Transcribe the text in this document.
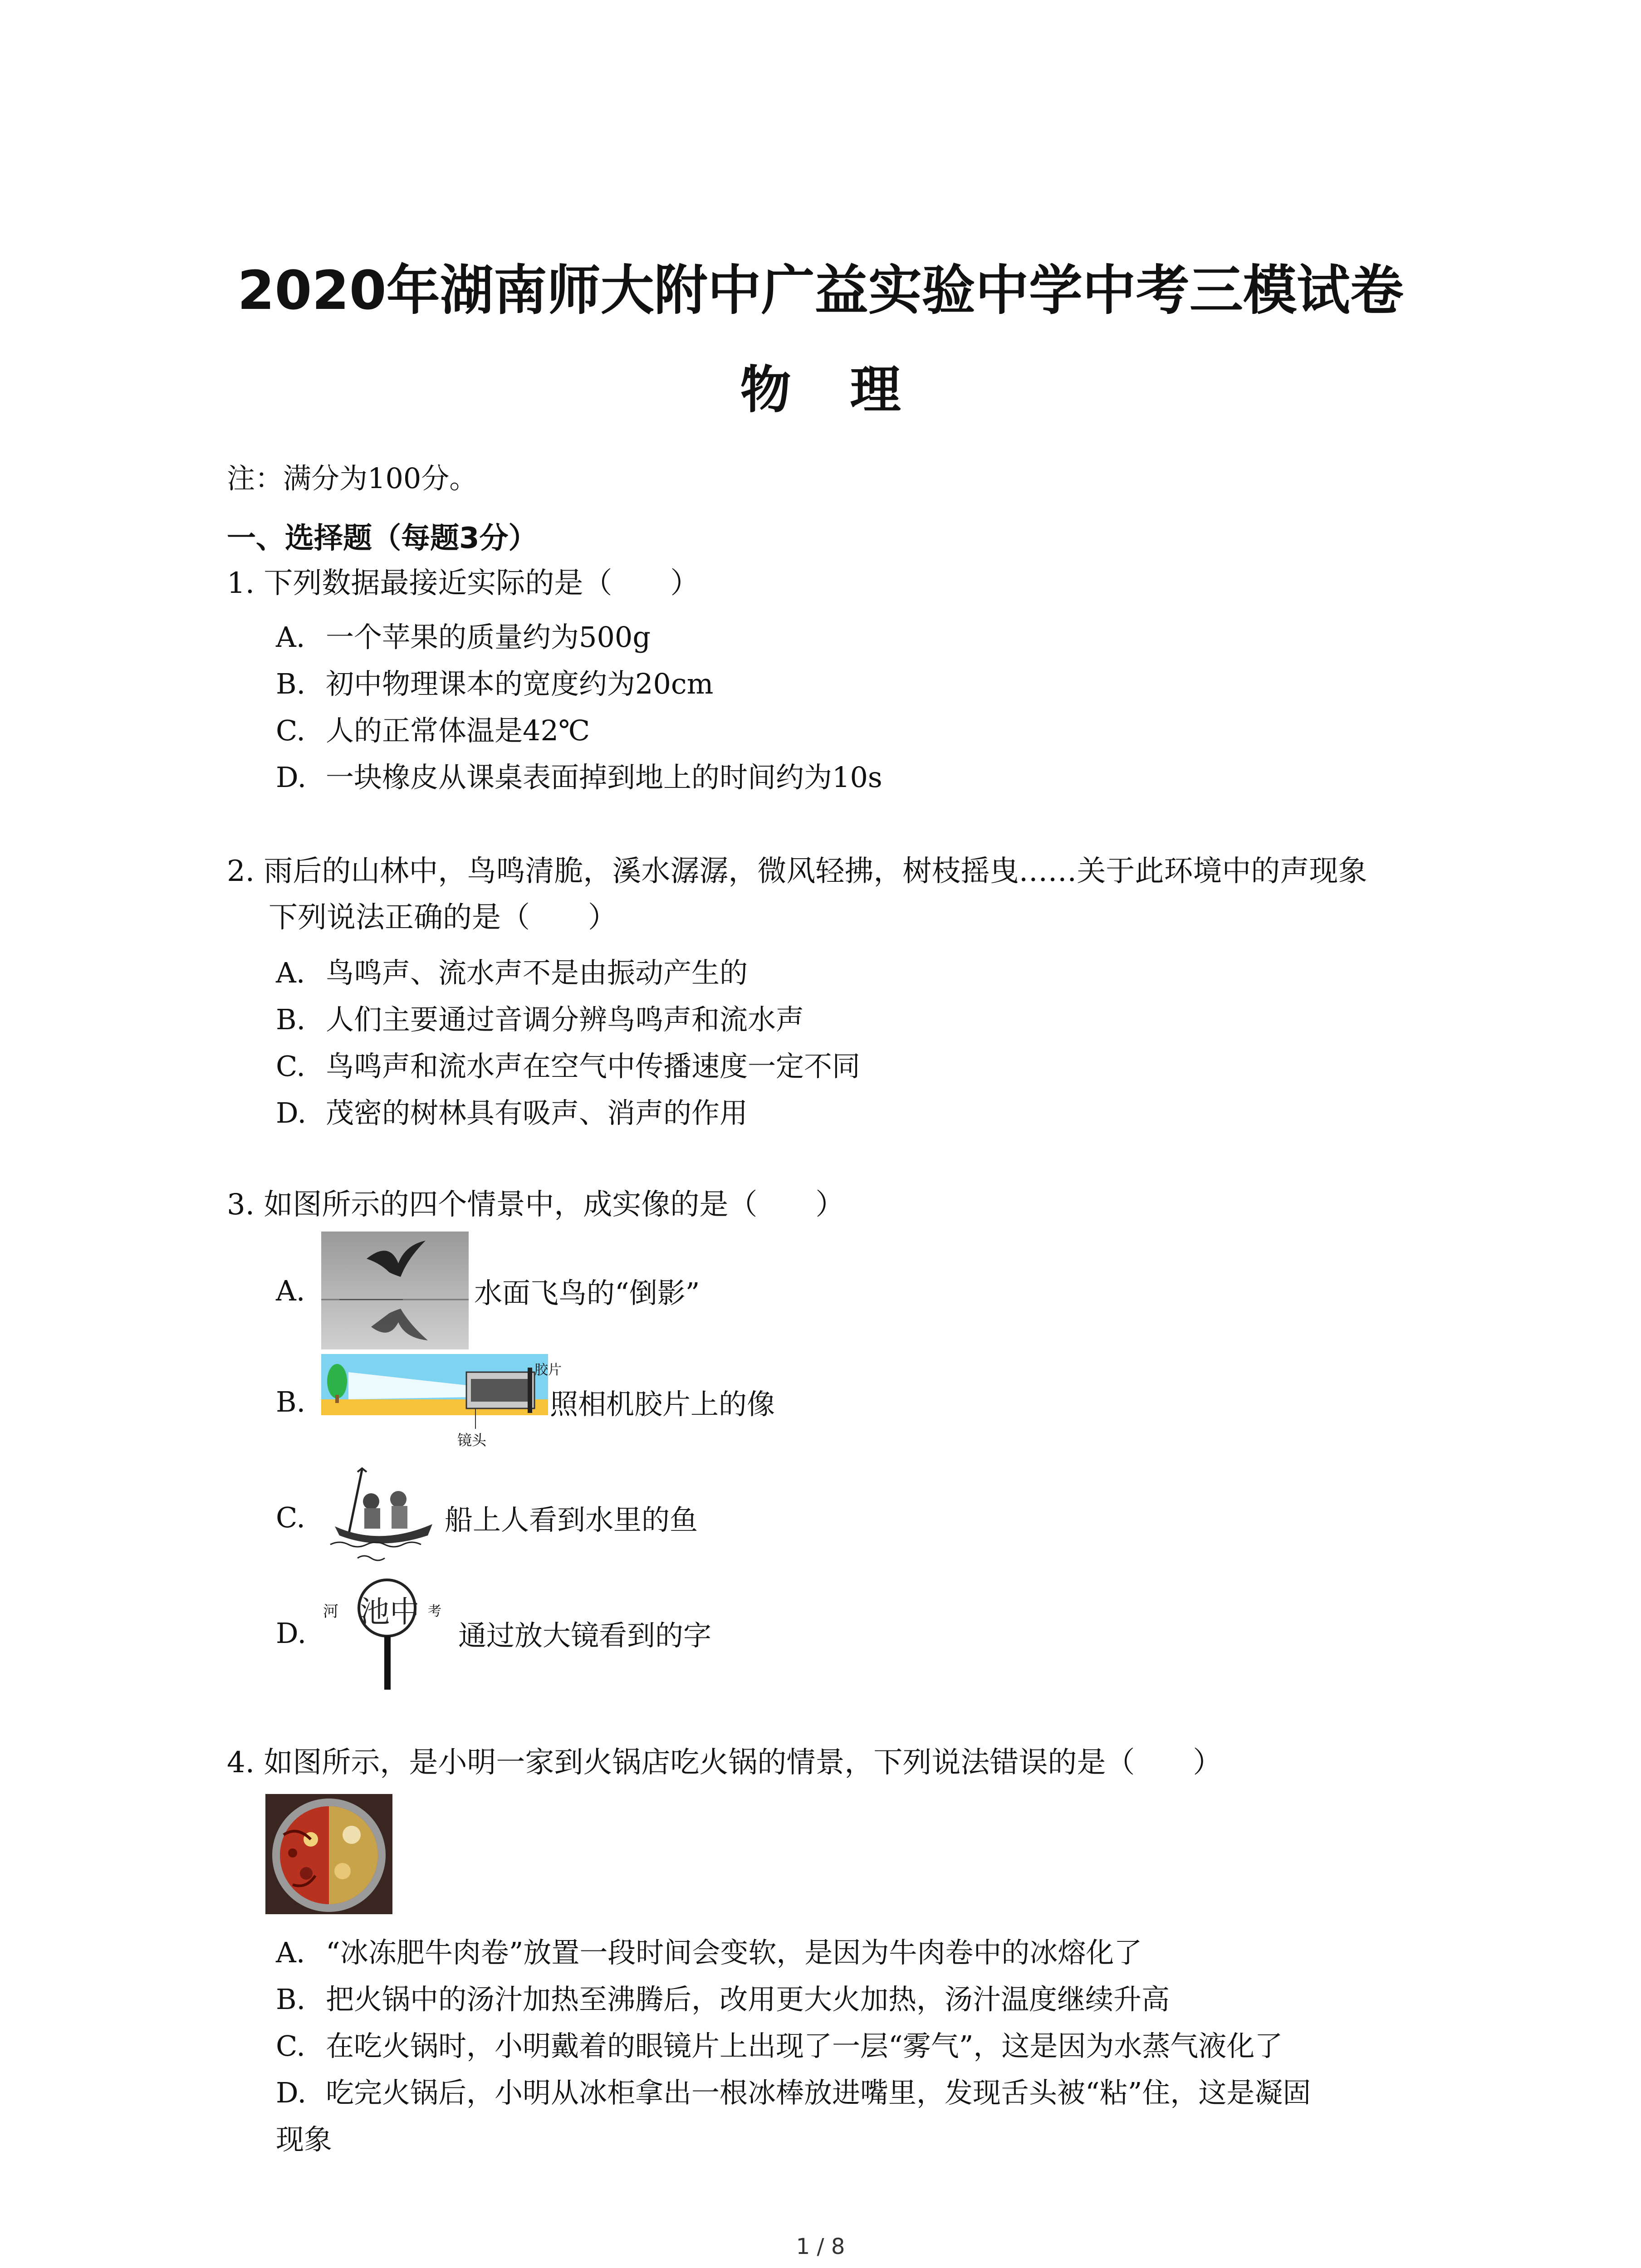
2020年湖南师大附中广益实验中学中考三模试卷
物理
注：满分为100分。
一、选择题（每题3分）
1. 下列数据最接近实际的是（　　）
A. 一个苹果的质量约为500g
B. 初中物理课本的宽度约为20cm
C. 人的正常体温是42℃
D. 一块橡皮从课桌表面掉到地上的时间约为10s
2. 雨后的山林中，鸟鸣清脆，溪水潺潺，微风轻拂，树枝摇曳……关于此环境中的声现象
下列说法正确的是（　　）
A. 鸟鸣声、流水声不是由振动产生的
B. 人们主要通过音调分辨鸟鸣声和流水声
C. 鸟鸣声和流水声在空气中传播速度一定不同
D. 茂密的树林具有吸声、消声的作用
3. 如图所示的四个情景中，成实像的是（　　）
A.	水面飞鸟的“倒影”
B.
胶片
镜头
照相机胶片上的像
C.	船上人看到水里的鱼
D.
池中
河	考
通过放大镜看到的字
4. 如图所示，是小明一家到火锅店吃火锅的情景，下列说法错误的是（　　）
A. “冰冻肥牛肉卷”放置一段时间会变软，是因为牛肉卷中的冰熔化了
B. 把火锅中的汤汁加热至沸腾后，改用更大火加热，汤汁温度继续升高
C. 在吃火锅时，小明戴着的眼镜片上出现了一层“雾气”，这是因为水蒸气液化了
D. 吃完火锅后，小明从冰柜拿出一根冰棒放进嘴里，发现舌头被“粘”住，这是凝固
现象
1 / 8
